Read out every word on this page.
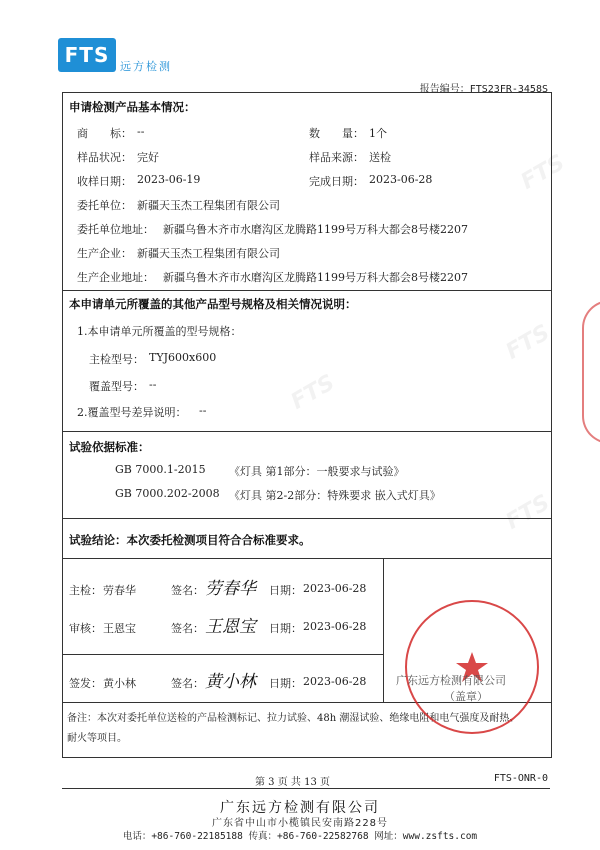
FTS 远方检测
报告编号：FTS23FR-3458S
FTS
FTS
FTS
FTS
申请检测产品基本情况：
商　　标： --	数　　量： 1个
样品状况： 完好	样品来源： 送检
收样日期： 2023-06-19	完成日期： 2023-06-28
委托单位： 新疆天玉杰工程集团有限公司
委托单位地址： 新疆乌鲁木齐市水磨沟区龙腾路1199号万科大都会8号楼2207
生产企业： 新疆天玉杰工程集团有限公司
生产企业地址： 新疆乌鲁木齐市水磨沟区龙腾路1199号万科大都会8号楼2207
本申请单元所覆盖的其他产品型号规格及相关情况说明：
1.本申请单元所覆盖的型号规格：
主检型号： TYJ600x600
覆盖型号： --
2.覆盖型号差异说明： --
试验依据标准：
GB 7000.1-2015 《灯具 第1部分：一般要求与试验》
GB 7000.202-2008 《灯具 第2-2部分：特殊要求 嵌入式灯具》
试验结论：本次委托检测项目符合合标准要求。
主检： 劳春华	签名： 劳春华 日期： 2023-06-28
审核： 王恩宝	签名： 王恩宝 日期： 2023-06-28
签发： 黄小林	签名： 黄小林 日期： 2023-06-28
备注：本次对委托单位送检的产品检测标记、拉力试验、48h 潮湿试验、绝缘电阻和电气强度及耐热、
耐火等项目。
广东远方检测有限公司
（盖章）
第 3 页 共 13 页	FTS-ONR-0
广东远方检测有限公司
广东省中山市小榄镇民安南路228号
电话：+86-760-22185188 传真：+86-760-22582768 网址：www.zsfts.com
